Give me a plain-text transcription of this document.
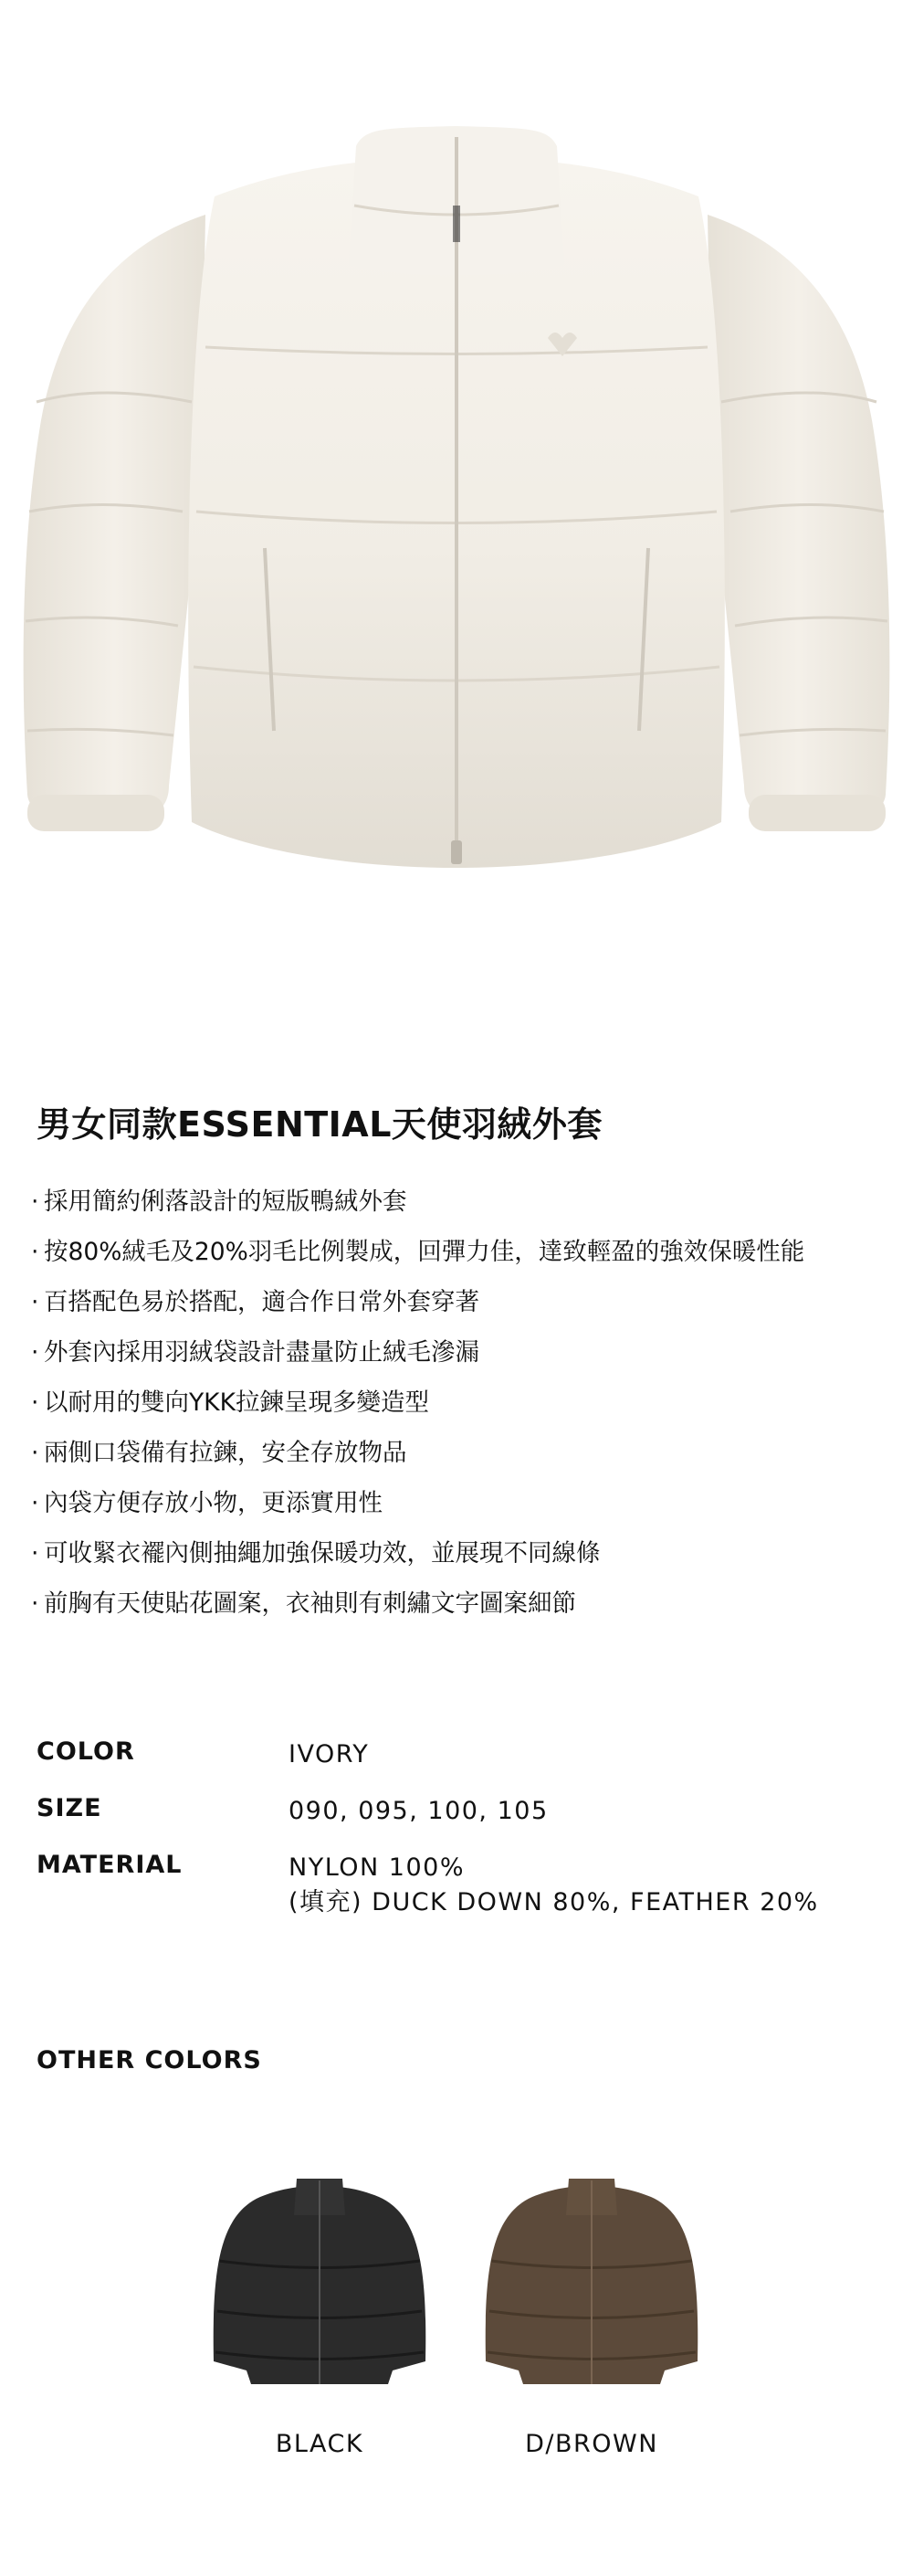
男女同款ESSENTIAL天使羽絨外套
· 採用簡約俐落設計的短版鴨絨外套
· 按80%絨毛及20%羽毛比例製成，回彈力佳，達致輕盈的強效保暖性能
· 百搭配色易於搭配，適合作日常外套穿著
· 外套內採用羽絨袋設計盡量防止絨毛滲漏
· 以耐用的雙向YKK拉鍊呈現多變造型
· 兩側口袋備有拉鍊，安全存放物品
· 內袋方便存放小物，更添實用性
· 可收緊衣襬內側抽繩加強保暖功效，並展現不同線條
· 前胸有天使貼花圖案，衣袖則有刺繡文字圖案細節
COLOR	IVORY
SIZE	090, 095, 100, 105
MATERIAL	NYLON 100%
(填充) DUCK DOWN 80%, FEATHER 20%
OTHER COLORS
BLACK	D/BROWN
